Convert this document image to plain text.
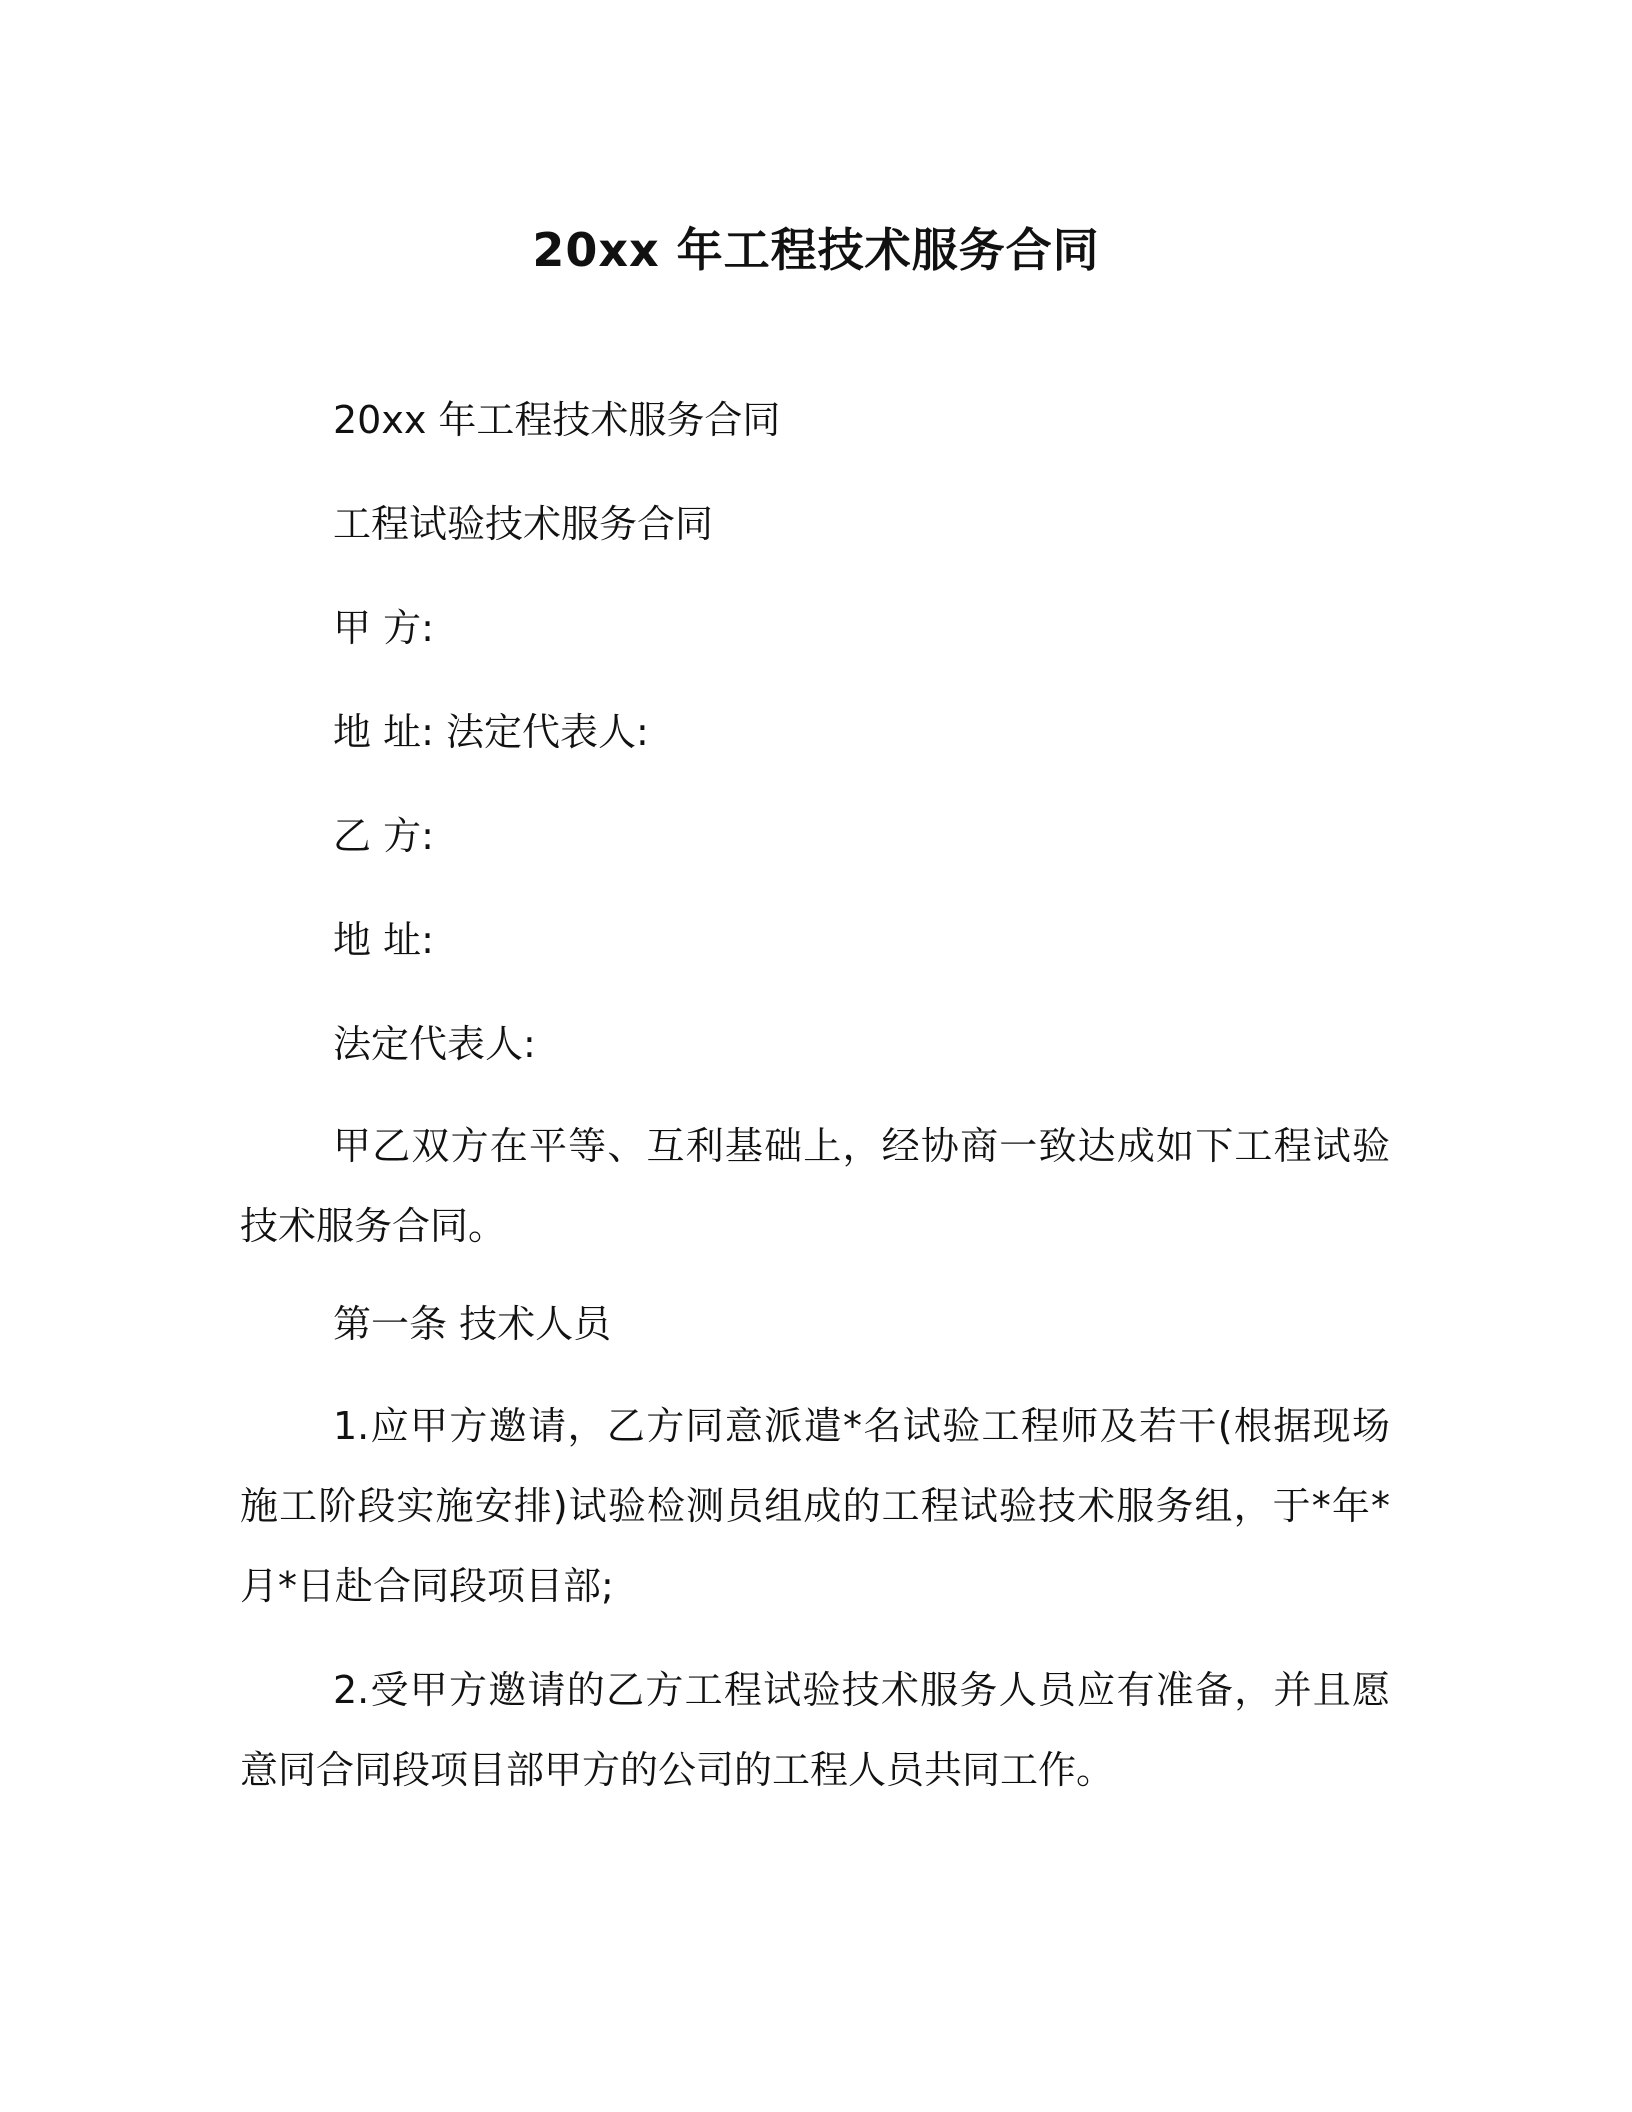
20xx 年工程技术服务合同
20xx 年工程技术服务合同
工程试验技术服务合同
甲 方:
地 址: 法定代表人:
乙 方:
地 址:
法定代表人:
甲乙双方在平等、互利基础上，经协商一致达成如下工程试验技术服务合同。
第一条 技术人员
1.应甲方邀请，乙方同意派遣*名试验工程师及若干(根据现场施工阶段实施安排)试验检测员组成的工程试验技术服务组，于*年*月*日赴合同段项目部;
2.受甲方邀请的乙方工程试验技术服务人员应有准备，并且愿意同合同段项目部甲方的公司的工程人员共同工作。
